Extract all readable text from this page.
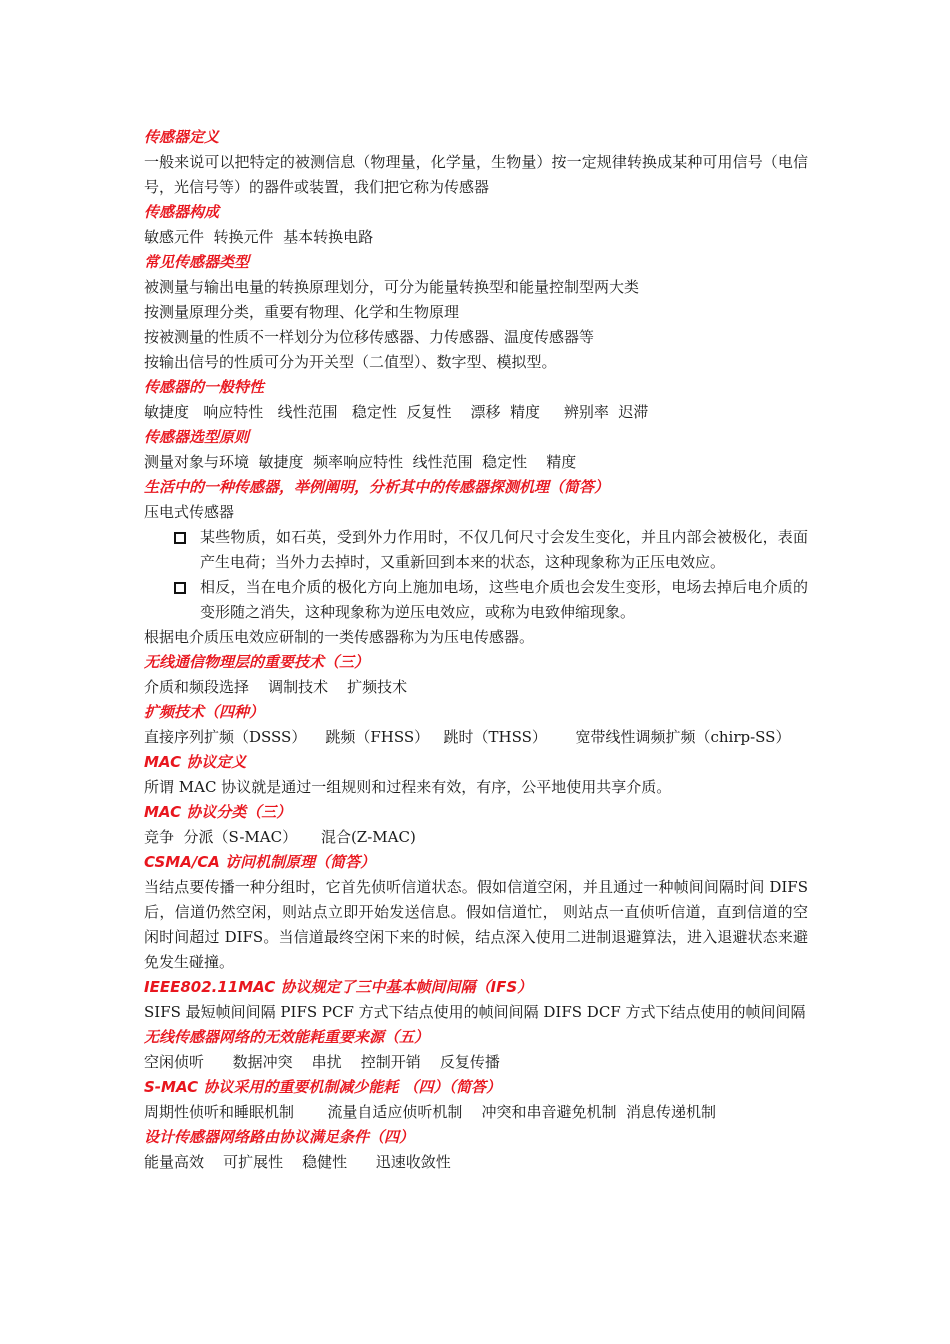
传感器定义
一般来说可以把特定的被测信息（物理量，化学量，生物量）按一定规律转换成某种可用信号（电信号，光信号等）的器件或装置，我们把它称为传感器
传感器构成
敏感元件  转换元件  基本转换电路
常见传感器类型
被测量与输出电量的转换原理划分，可分为能量转换型和能量控制型两大类
按测量原理分类，重要有物理、化学和生物原理
按被测量的性质不一样划分为位移传感器、力传感器、温度传感器等
按输出信号的性质可分为开关型（二值型）、数字型、模拟型。
传感器的一般特性
敏捷度   响应特性   线性范围   稳定性  反复性    漂移  精度     辨别率  迟滞
传感器选型原则
测量对象与环境  敏捷度  频率响应特性  线性范围  稳定性    精度
生活中的一种传感器，举例阐明，分析其中的传感器探测机理（简答）
压电式传感器
某些物质，如石英，受到外力作用时，不仅几何尺寸会发生变化，并且内部会被极化，表面产生电荷；当外力去掉时，又重新回到本来的状态，这种现象称为正压电效应。
相反，当在电介质的极化方向上施加电场，这些电介质也会发生变形，电场去掉后电介质的变形随之消失，这种现象称为逆压电效应，或称为电致伸缩现象。
根据电介质压电效应研制的一类传感器称为为压电传感器。
无线通信物理层的重要技术（三）
介质和频段选择    调制技术    扩频技术
扩频技术（四种）
直接序列扩频（DSSS）    跳频（FHSS）   跳时（THSS）      宽带线性调频扩频（chirp-SS）
MAC 协议定义
所谓 MAC 协议就是通过一组规则和过程来有效，有序，公平地使用共享介质。
MAC 协议分类（三）
竞争  分派（S-MAC）     混合(Z-MAC)
CSMA/CA 访问机制原理（简答）
当结点要传播一种分组时，它首先侦听信道状态。假如信道空闲，并且通过一种帧间间隔时间 DIFS 后，信道仍然空闲，则站点立即开始发送信息。假如信道忙， 则站点一直侦听信道，直到信道的空闲时间超过 DIFS。当信道最终空闲下来的时候，结点深入使用二进制退避算法，进入退避状态来避免发生碰撞。
IEEE802.11MAC 协议规定了三中基本帧间间隔（IFS）
SIFS 最短帧间间隔 PIFS PCF 方式下结点使用的帧间间隔 DIFS DCF 方式下结点使用的帧间间隔
无线传感器网络的无效能耗重要来源（五）
空闲侦听      数据冲突    串扰    控制开销    反复传播
S-MAC 协议采用的重要机制减少能耗 （四）（简答）
周期性侦听和睡眠机制       流量自适应侦听机制    冲突和串音避免机制  消息传递机制
设计传感器网络路由协议满足条件（四）
能量高效    可扩展性    稳健性      迅速收敛性
